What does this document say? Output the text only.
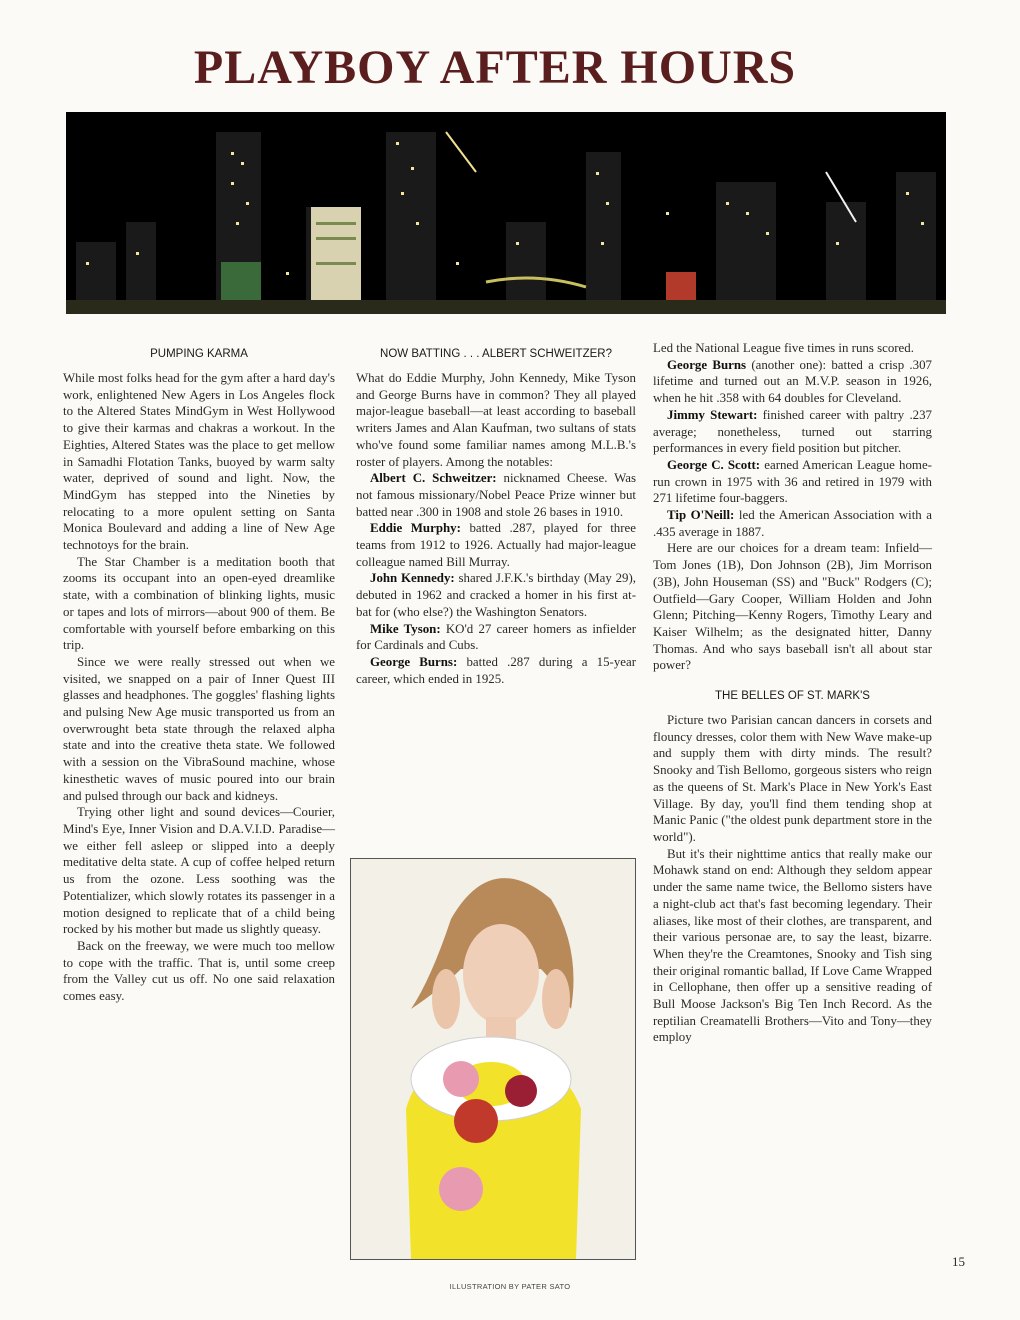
PLAYBOY AFTER HOURS
PUMPING KARMA

While most folks head for the gym after a hard day's work, enlightened New Agers in Los Angeles flock to the Altered States MindGym in West Hollywood to give their karmas and chakras a workout. In the Eighties, Altered States was the place to get mellow in Samadhi Flotation Tanks, buoyed by warm salty water, deprived of sound and light. Now, the MindGym has stepped into the Nineties by relocating to a more opulent setting on Santa Monica Boulevard and adding a line of New Age technotoys for the brain.

The Star Chamber is a meditation booth that zooms its occupant into an open-eyed dreamlike state, with a combination of blinking lights, music or tapes and lots of mirrors—about 900 of them. Be comfortable with yourself before embarking on this trip.

Since we were really stressed out when we visited, we snapped on a pair of Inner Quest III glasses and headphones. The goggles' flashing lights and pulsing New Age music transported us from an overwrought beta state through the relaxed alpha state and into the creative theta state. We followed with a session on the VibraSound machine, whose kinesthetic waves of music poured into our brain and pulsed through our back and kidneys.

Trying other light and sound devices—Courier, Mind's Eye, Inner Vision and D.A.V.I.D. Paradise—we either fell asleep or slipped into a deeply meditative delta state. A cup of coffee helped return us from the ozone. Less soothing was the Potentializer, which slowly rotates its passenger in a motion designed to replicate that of a child being rocked by his mother but made us slightly queasy.

Back on the freeway, we were much too mellow to cope with the traffic. That is, until some creep from the Valley cut us off. No one said relaxation comes easy.

NOW BATTING . . . ALBERT SCHWEITZER?

What do Eddie Murphy, John Kennedy, Mike Tyson and George Burns have in common? They all played major-league baseball—at least according to baseball writers James and Alan Kaufman, two sultans of stats who've found some familiar names among M.L.B.'s roster of players. Among the notables:

Albert C. Schweitzer: nicknamed Cheese. Was not famous missionary/Nobel Peace Prize winner but batted near .300 in 1908 and stole 26 bases in 1910.

Eddie Murphy: batted .287, played for three teams from 1912 to 1926. Actually had major-league colleague named Bill Murray.

John Kennedy: shared J.F.K.'s birthday (May 29), debuted in 1962 and cracked a homer in his first at-bat for (who else?) the Washington Senators.

Mike Tyson: KO'd 27 career homers as infielder for Cardinals and Cubs.

George Burns: batted .287 during a 15-year career, which ended in 1925.

Led the National League five times in runs scored.

George Burns (another one): batted a crisp .307 lifetime and turned out an M.V.P. season in 1926, when he hit .358 with 64 doubles for Cleveland.

Jimmy Stewart: finished career with paltry .237 average; nonetheless, turned out starring performances in every field position but pitcher.

George C. Scott: earned American League home-run crown in 1975 with 36 and retired in 1979 with 271 lifetime four-baggers.

Tip O'Neill: led the American Association with a .435 average in 1887.

Here are our choices for a dream team: Infield—Tom Jones (1B), Don Johnson (2B), Jim Morrison (3B), John Houseman (SS) and "Buck" Rodgers (C); Outfield—Gary Cooper, William Holden and John Glenn; Pitching—Kenny Rogers, Timothy Leary and Kaiser Wilhelm; as the designated hitter, Danny Thomas. And who says baseball isn't all about star power?

THE BELLES OF ST. MARK'S

Picture two Parisian cancan dancers in corsets and flouncy dresses, color them with New Wave make-up and supply them with dirty minds. The result? Snooky and Tish Bellomo, gorgeous sisters who reign as the queens of St. Mark's Place in New York's East Village. By day, you'll find them tending shop at Manic Panic ("the oldest punk department store in the world").

But it's their nighttime antics that really make our Mohawk stand on end: Although they seldom appear under the same name twice, the Bellomo sisters have a night-club act that's fast becoming legendary. Their aliases, like most of their clothes, are transparent, and their various personae are, to say the least, bizarre. When they're the Creamtones, Snooky and Tish sing their original romantic ballad, If Love Came Wrapped in Cellophane, then offer up a sensitive reading of Bull Moose Jackson's Big Ten Inch Record. As the reptilian Creamatelli Brothers—Vito and Tony—they employ

ILLUSTRATION BY PATER SATO
15
